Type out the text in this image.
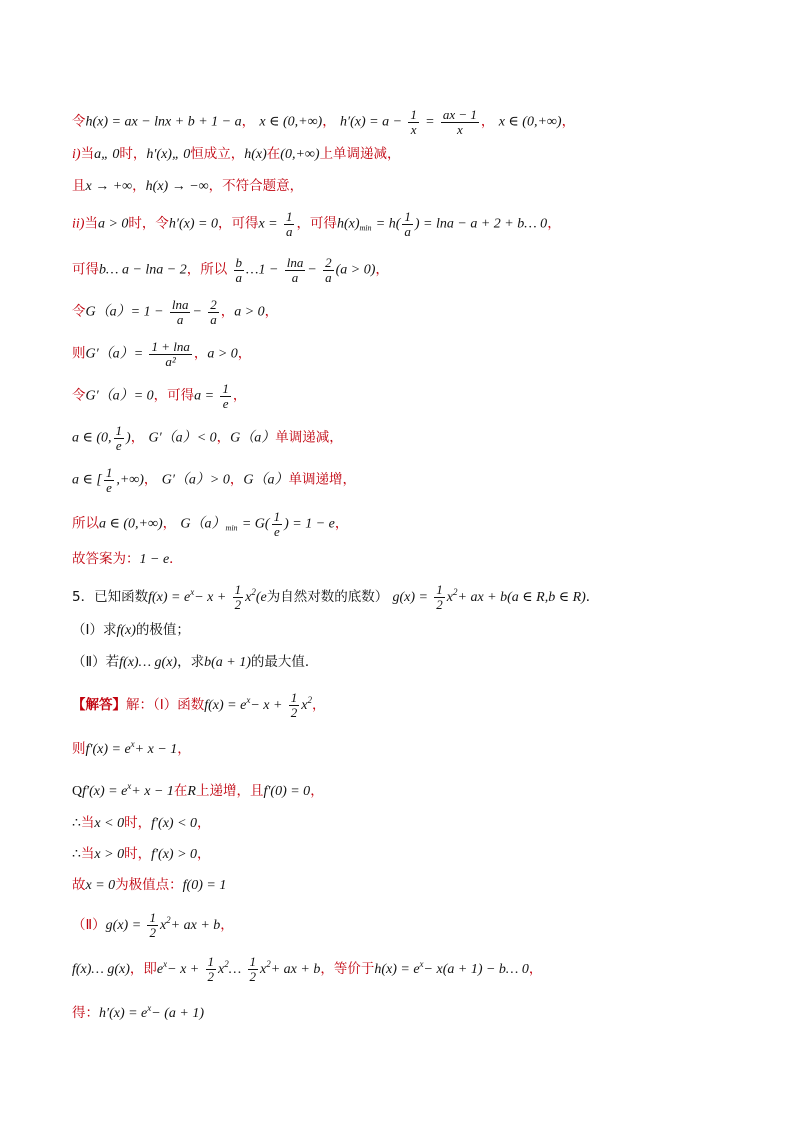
令h(x) = ax − lnx + b + 1 − a， x ∈ (0,+∞)， $h'(x) = a - \frac{1}{x} = \frac{ax - 1}{x}$ ， x ∈ (0,+∞)，
i)当a„ 0时，h′(x)„ 0恒成立，h(x)在(0,+∞)上单调递减，
且x → +∞，h(x) → −∞，不符合题意，
ii)当a > 0时，令h′(x) = 0，可得$x = \frac{1}{a}$ ，可得$h(x)_{min} = h( \frac{1}{a}$ ) = lna − a + 2 + b… 0，
可得b… a − lna − 2，所以 $\frac{b}{a}$ …1 − $\frac{\ln a}{a} - \frac{2}{a} (a > 0)$，
令$G(a)= 1 - \frac{\ln a}{a} - \frac{2}{a}$ ，a > 0，
则$G'(a)= \frac{1 + \ln a}{\text{a²}}$ ，a > 0，
令G′（a）= 0，可得$a = \frac{1}{e}$ ，
a ∈ (0, $\frac{1}{e}$ )， G′（a）< 0，G（a）单调递减，
a ∈ [ $\frac{1}{e}$ ,+∞)， G′（a）> 0，G（a）单调递增，
所以a ∈ (0,+∞)， $G(a)_{min} = G( \frac{1}{e}$ ) = 1 − e，
故答案为：1 − e．
5．已知函数$f(x) = e^x- x + \frac{1}{2} x^2(e$为自然对数的底数） $g(x) = \frac{1}{2} x^2+$ ax + b(a ∈ R,b ∈ R)．
（Ⅰ）求f(x)的极值；
（Ⅱ）若f(x)… g(x)，求b(a + 1)的最大值．
【解答】解：（Ⅰ）函数$f(x) = e^x- x + \frac{1}{2} x^2$，
则$f'(x) = e^x+ x - 1$，
$Qf'(x) = e^x+ x - 1$在R上递增，且f′(0) = 0，
∴当x < 0时，f′(x) < 0，
∴当x > 0时，f′(x) > 0，
故x = 0为极值点：f(0) = 1
（Ⅱ）g(x) = $\frac{1}{2} x^2+$ ax + b，
f(x)… g(x)，即$e^x- x + \frac{1}{2}$ $x^2\dots \frac{1}{2} x^2+$ ax + b，等价于$h(x) = e^x- x(a + 1)$ − b… 0，
得：$h'(x) = e^x- (a + 1)$
